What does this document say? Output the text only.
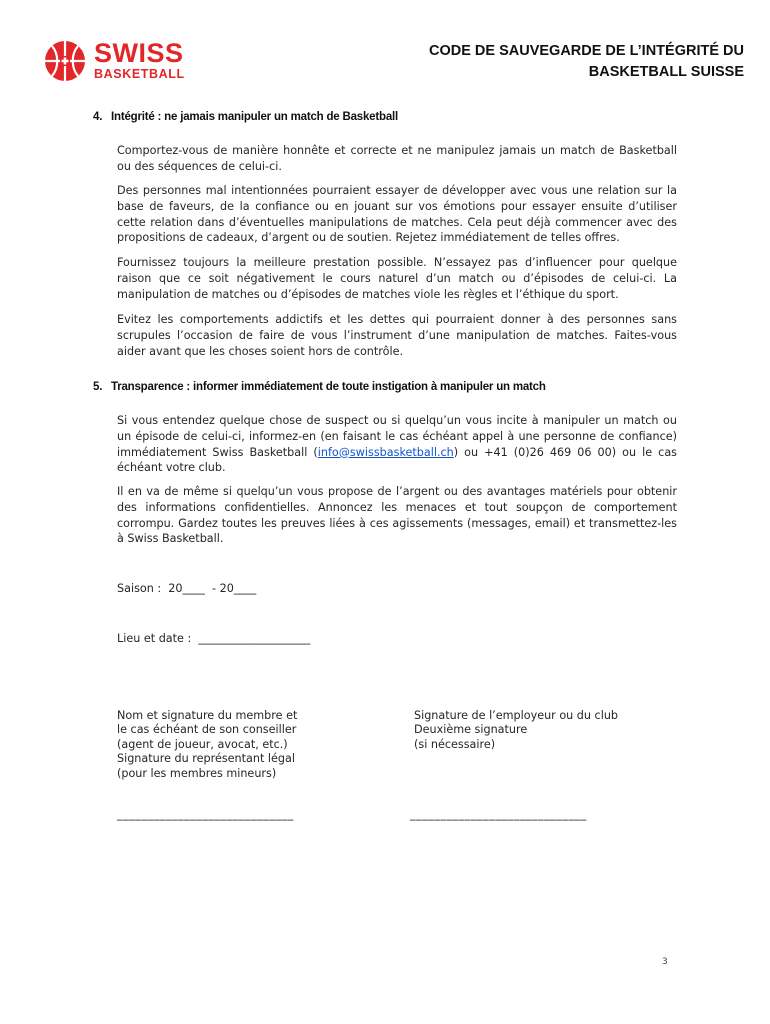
SWISS
BASKETBALL
CODE DE SAUVEGARDE DE L’INTÉGRITÉ DU
BASKETBALL SUISSE
4. Intégrité : ne jamais manipuler un match de Basketball

Comportez-vous de manière honnête et correcte et ne manipulez jamais un match de Basketball ou des séquences de celui-ci.

Des personnes mal intentionnées pourraient essayer de développer avec vous une relation sur la base de faveurs, de la confiance ou en jouant sur vos émotions pour essayer ensuite d’utiliser cette relation dans d’éventuelles manipulations de matches. Cela peut déjà commencer avec des propositions de cadeaux, d’argent ou de soutien. Rejetez immédiatement de telles offres.

Fournissez toujours la meilleure prestation possible. N’essayez pas d’influencer pour quelque raison que ce soit négativement le cours naturel d’un match ou d’épisodes de celui-ci. La manipulation de matches ou d’épisodes de matches viole les règles et l’éthique du sport.

Evitez les comportements addictifs et les dettes qui pourraient donner à des personnes sans scrupules l’occasion de faire de vous l’instrument d’une manipulation de matches. Faites-vous aider avant que les choses soient hors de contrôle.

5. Transparence : informer immédiatement de toute instigation à manipuler un match

Si vous entendez quelque chose de suspect ou si quelqu’un vous incite à manipuler un match ou un épisode de celui-ci, informez-en (en faisant le cas échéant appel à une personne de confiance) immédiatement Swiss Basketball (info@swissbasketball.ch) ou +41 (0)26 469 06 00) ou le cas échéant votre club.

Il en va de même si quelqu’un vous propose de l’argent ou des avantages matériels pour obtenir des informations confidentielles. Annoncez les menaces et tout soupçon de comportement corrompu. Gardez toutes les preuves liées à ces agissements (messages, email) et transmettez-les à Swiss Basketball.

Saison :  20____  - 20____
Lieu et date :  ____________________
Nom et signature du membre et
le cas échéant de son conseiller
(agent de joueur, avocat, etc.)
Signature du représentant légal
(pour les membres mineurs)
Signature de l’employeur ou du club
Deuxième signature
(si nécessaire)
_____________________________	_____________________________
3
